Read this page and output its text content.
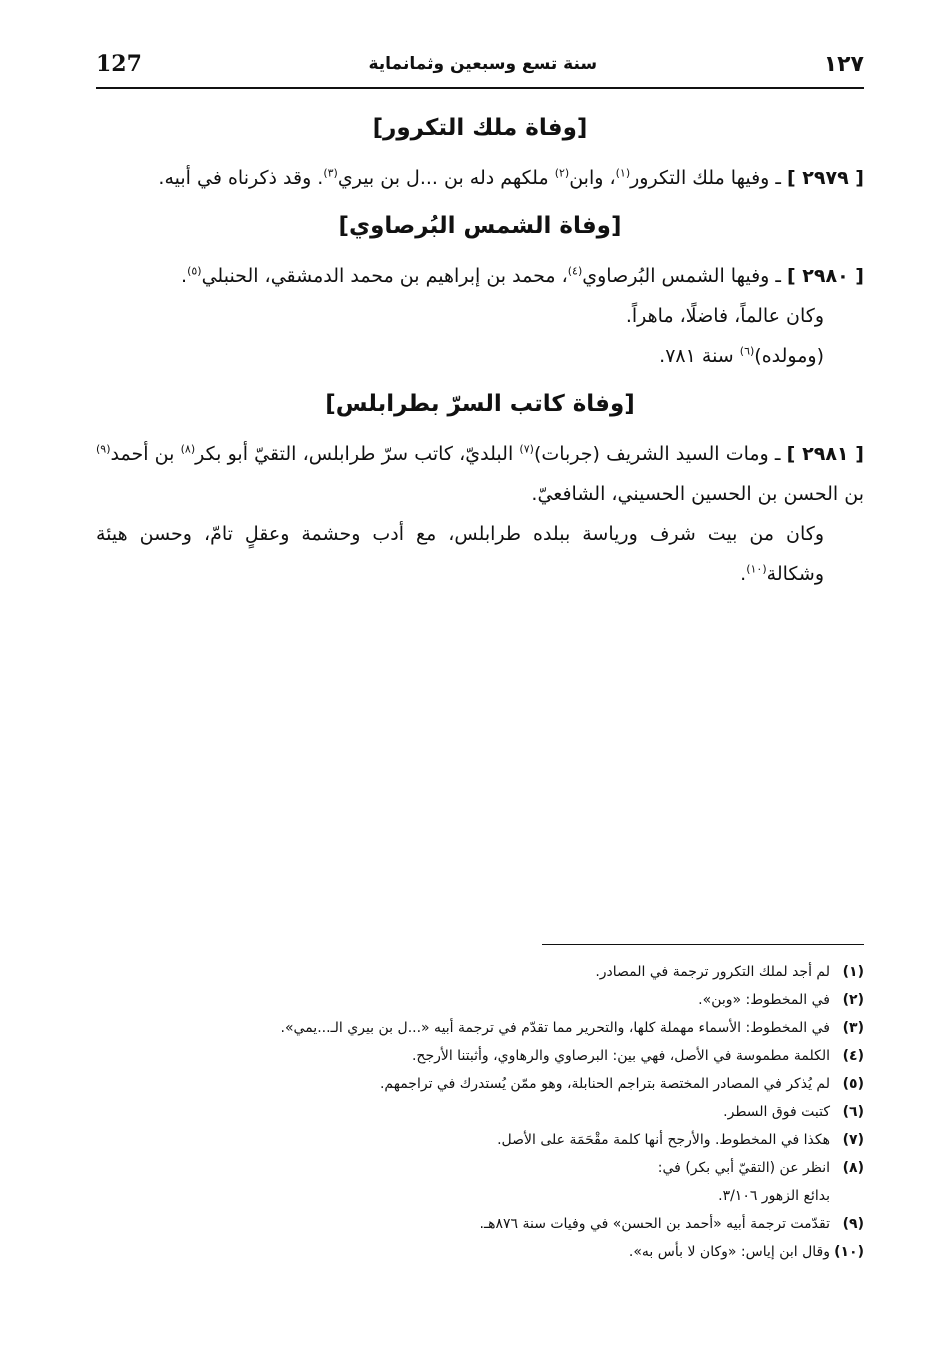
127	سنة تسع وسبعين وثمانماية	١٢٧
[وفاة ملك التكرور]

[ ٢٩٧٩ ] ـ وفيها ملك التكرور$^{(١)}$، وابن$^{(٢)}$ ملكهم دله بن ...ل بن بيري$^{(٣)}$. وقد ذكرناه في أبيه.

[وفاة الشمس البُرصاوي]

[ ٢٩٨٠ ] ـ وفيها الشمس البُرصاوي$^{(٤)}$، محمد بن إبراهيم بن محمد الدمشقي، الحنبلي$^{(٥)}$.

وكان عالماً، فاضلًا، ماهراً.

(ومولده)$^{(٦)}$ سنة ٧٨١.

[وفاة كاتب السرّ بطرابلس]

[ ٢٩٨١ ] ـ ومات السيد الشريف (جربات)$^{(٧)}$ البلديّ، كاتب سرّ طرابلس، التقيّ أبو بكر$^{(٨)}$ بن أحمد$^{(٩)}$ بن الحسن بن الحسين الحسيني، الشافعيّ.

وكان من بيت شرف ورياسة ببلده طرابلس، مع أدب وحشمة وعقلٍ تامّ، وحسن هيئة وشكالة$^{(١٠)}$.

(١)
لم أجد لملك التكرور ترجمة في المصادر.
(٢)
في المخطوط: «وبن».
(٣)
في المخطوط: الأسماء مهملة كلها، والتحرير مما تقدّم في ترجمة أبيه «...ل بن بيري الـ...يمي».
(٤)
الكلمة مطموسة في الأصل، فهي بين: البرصاوي والرهاوي، وأثبتنا الأرجح.
(٥)
لم يُذكر في المصادر المختصة بتراجم الحنابلة، وهو ممّن يُستدرك في تراجمهم.
(٦)
كتبت فوق السطر.
(٧)
هكذا في المخطوط. والأرجح أنها كلمة مقْحَمَة على الأصل.
(٨)
انظر عن (التقيّ أبي بكر) في:
بدائع الزهور ٣/١٠٦.
(٩)
تقدّمت ترجمة أبيه «أحمد بن الحسن» في وفيات سنة ٨٧٦هـ.
(١٠)
وقال ابن إياس: «وكان لا بأس به».
